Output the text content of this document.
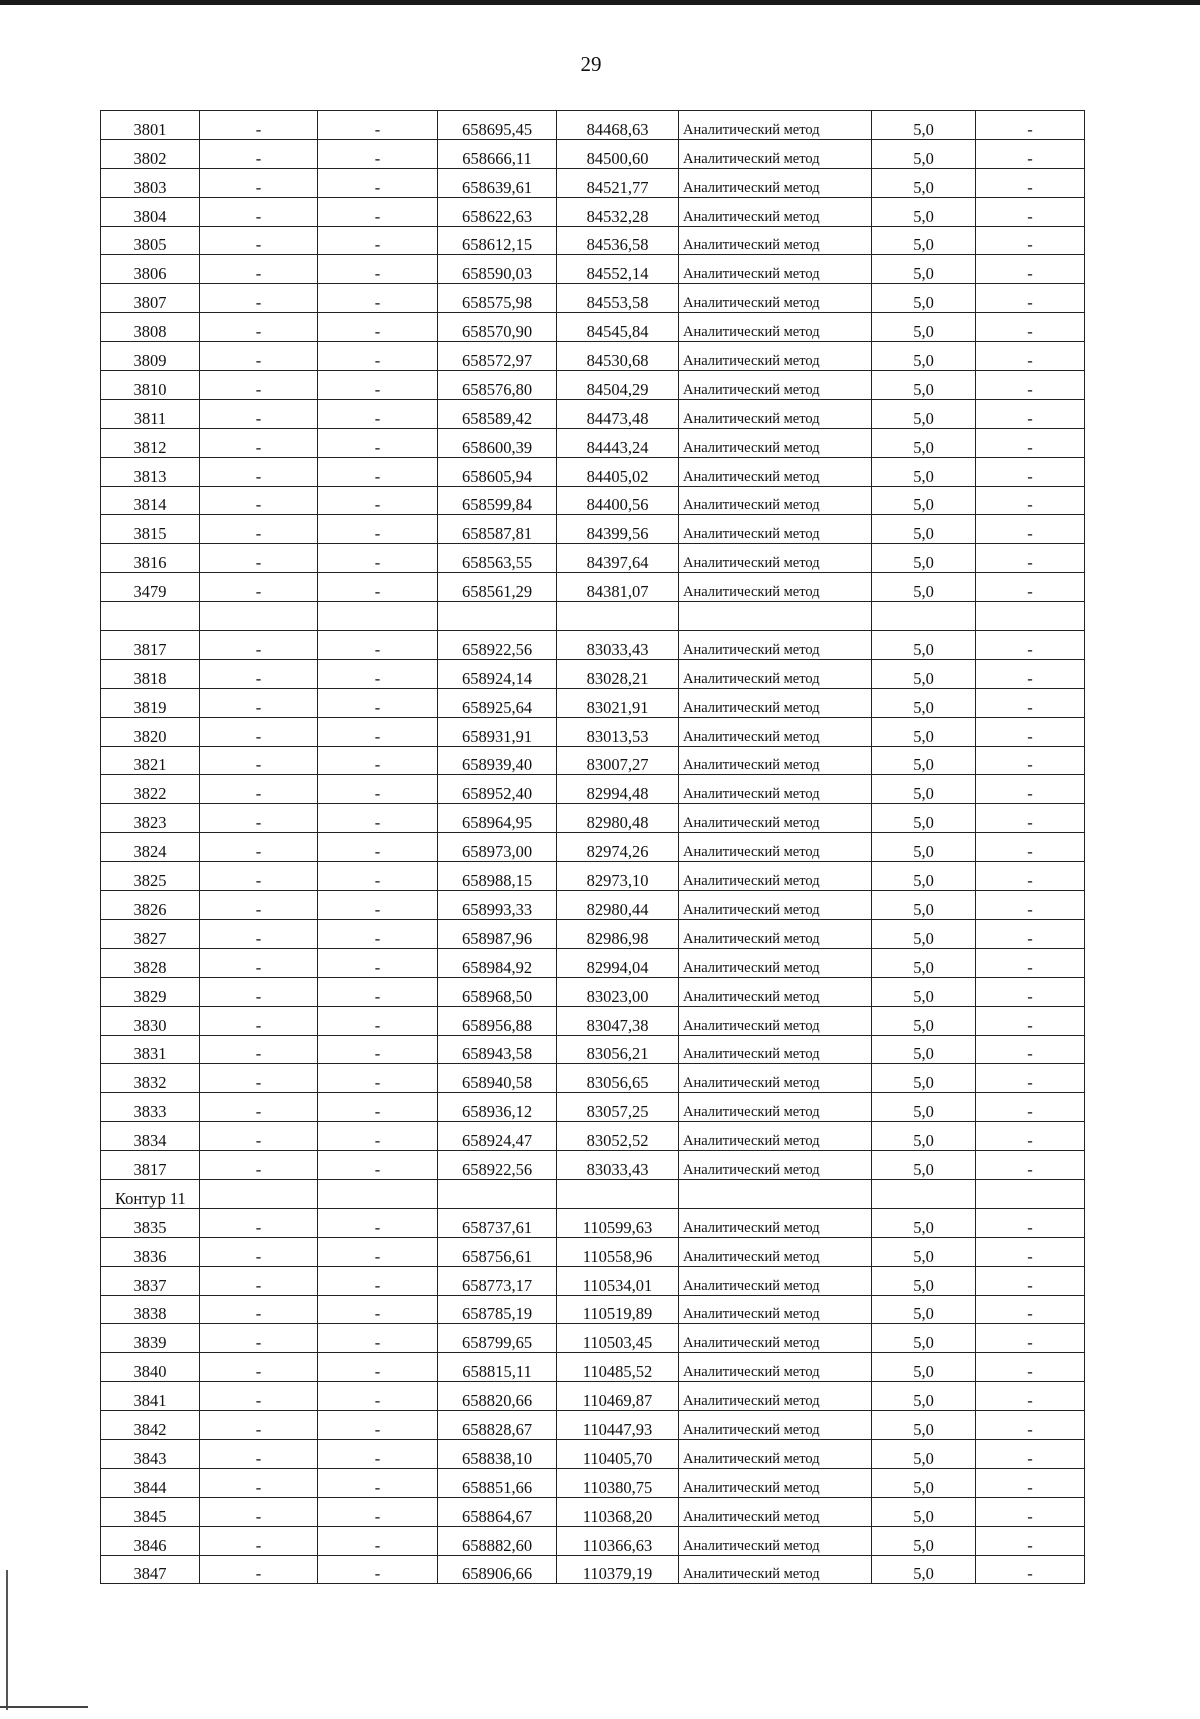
29
3801	-	-	658695,45	84468,63	Аналитический метод	5,0	-
3802	-	-	658666,11	84500,60	Аналитический метод	5,0	-
3803	-	-	658639,61	84521,77	Аналитический метод	5,0	-
3804	-	-	658622,63	84532,28	Аналитический метод	5,0	-
3805	-	-	658612,15	84536,58	Аналитический метод	5,0	-
3806	-	-	658590,03	84552,14	Аналитический метод	5,0	-
3807	-	-	658575,98	84553,58	Аналитический метод	5,0	-
3808	-	-	658570,90	84545,84	Аналитический метод	5,0	-
3809	-	-	658572,97	84530,68	Аналитический метод	5,0	-
3810	-	-	658576,80	84504,29	Аналитический метод	5,0	-
3811	-	-	658589,42	84473,48	Аналитический метод	5,0	-
3812	-	-	658600,39	84443,24	Аналитический метод	5,0	-
3813	-	-	658605,94	84405,02	Аналитический метод	5,0	-
3814	-	-	658599,84	84400,56	Аналитический метод	5,0	-
3815	-	-	658587,81	84399,56	Аналитический метод	5,0	-
3816	-	-	658563,55	84397,64	Аналитический метод	5,0	-
3479	-	-	658561,29	84381,07	Аналитический метод	5,0	-

3817	-	-	658922,56	83033,43	Аналитический метод	5,0	-
3818	-	-	658924,14	83028,21	Аналитический метод	5,0	-
3819	-	-	658925,64	83021,91	Аналитический метод	5,0	-
3820	-	-	658931,91	83013,53	Аналитический метод	5,0	-
3821	-	-	658939,40	83007,27	Аналитический метод	5,0	-
3822	-	-	658952,40	82994,48	Аналитический метод	5,0	-
3823	-	-	658964,95	82980,48	Аналитический метод	5,0	-
3824	-	-	658973,00	82974,26	Аналитический метод	5,0	-
3825	-	-	658988,15	82973,10	Аналитический метод	5,0	-
3826	-	-	658993,33	82980,44	Аналитический метод	5,0	-
3827	-	-	658987,96	82986,98	Аналитический метод	5,0	-
3828	-	-	658984,92	82994,04	Аналитический метод	5,0	-
3829	-	-	658968,50	83023,00	Аналитический метод	5,0	-
3830	-	-	658956,88	83047,38	Аналитический метод	5,0	-
3831	-	-	658943,58	83056,21	Аналитический метод	5,0	-
3832	-	-	658940,58	83056,65	Аналитический метод	5,0	-
3833	-	-	658936,12	83057,25	Аналитический метод	5,0	-
3834	-	-	658924,47	83052,52	Аналитический метод	5,0	-
3817	-	-	658922,56	83033,43	Аналитический метод	5,0	-
Контур 11							
3835	-	-	658737,61	110599,63	Аналитический метод	5,0	-
3836	-	-	658756,61	110558,96	Аналитический метод	5,0	-
3837	-	-	658773,17	110534,01	Аналитический метод	5,0	-
3838	-	-	658785,19	110519,89	Аналитический метод	5,0	-
3839	-	-	658799,65	110503,45	Аналитический метод	5,0	-
3840	-	-	658815,11	110485,52	Аналитический метод	5,0	-
3841	-	-	658820,66	110469,87	Аналитический метод	5,0	-
3842	-	-	658828,67	110447,93	Аналитический метод	5,0	-
3843	-	-	658838,10	110405,70	Аналитический метод	5,0	-
3844	-	-	658851,66	110380,75	Аналитический метод	5,0	-
3845	-	-	658864,67	110368,20	Аналитический метод	5,0	-
3846	-	-	658882,60	110366,63	Аналитический метод	5,0	-
3847	-	-	658906,66	110379,19	Аналитический метод	5,0	-
